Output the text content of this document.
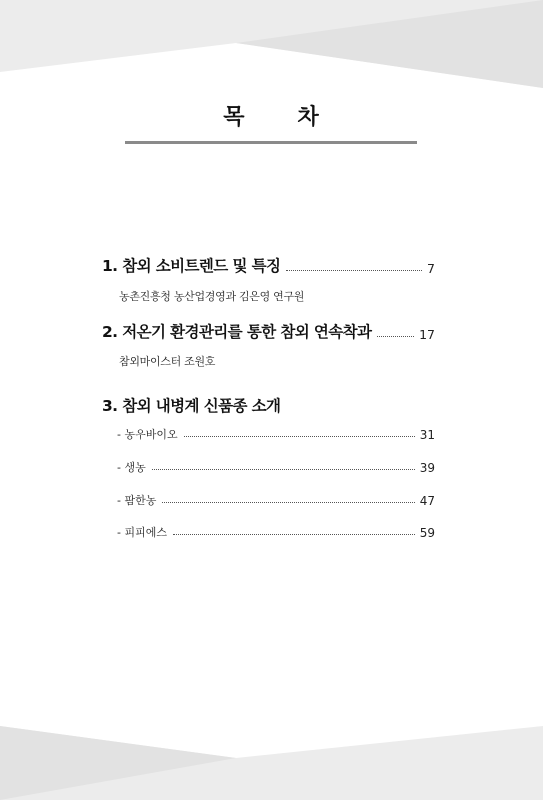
목 차
1. 참외 소비트렌드 및 특징	7
농촌진흥청 농산업경영과 김은영 연구원
2. 저온기 환경관리를 통한 참외 연속착과	17
참외마이스터 조원호
3. 참외 내병계 신품종 소개
- 농우바이오	31
- 생농	39
- 팜한농	47
- 피피에스	59
